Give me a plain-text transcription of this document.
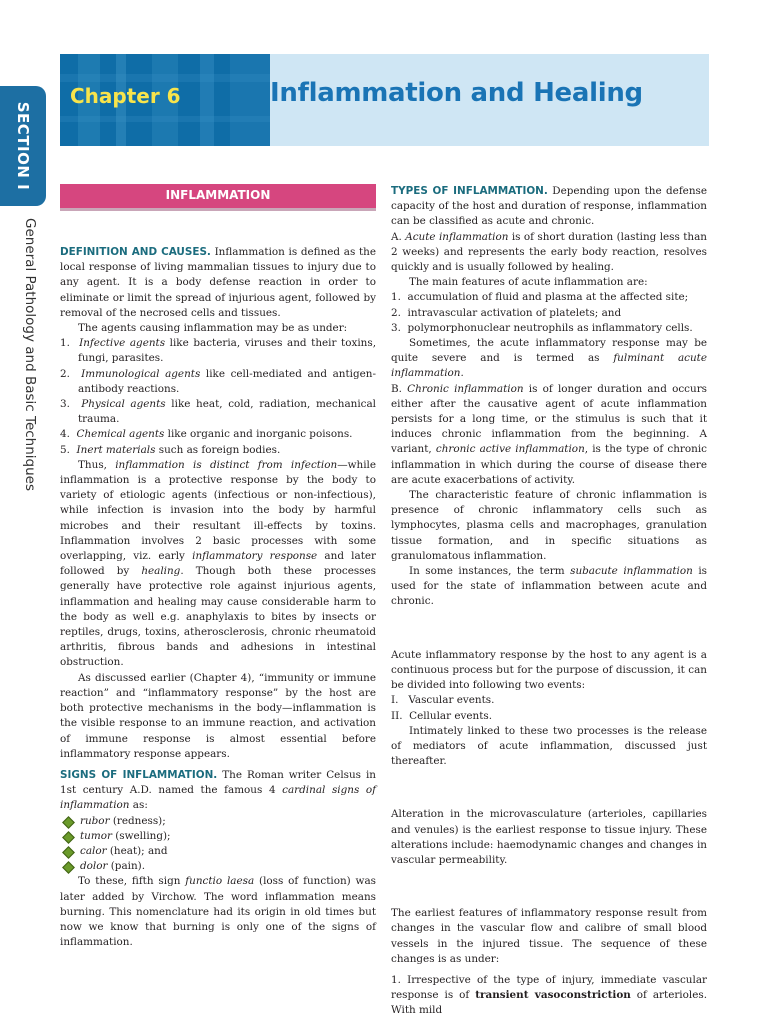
SECTION I
General Pathology and Basic Techniques
Chapter 6	Inflammation and Healing
INFLAMMATION

DEFINITION AND CAUSES. Inflammation is defined as the local response of living mammalian tissues to injury due to any agent. It is a body defense reaction in order to eliminate or limit the spread of injurious agent, followed by removal of the necrosed cells and tissues.

The agents causing inflammation may be as under:

1. Infective agents like bacteria, viruses and their toxins, fungi, parasites.

2. Immunological agents like cell-mediated and antigen-antibody reactions.

3. Physical agents like heat, cold, radiation, mechanical trauma.

4. Chemical agents like organic and inorganic poisons.

5. Inert materials such as foreign bodies.

Thus, inflammation is distinct from infection—while inflammation is a protective response by the body to variety of etiologic agents (infectious or non-infectious), while infection is invasion into the body by harmful microbes and their resultant ill-effects by toxins. Inflammation involves 2 basic processes with some overlapping, viz. early inflammatory response and later followed by healing. Though both these processes generally have protective role against injurious agents, inflammation and healing may cause considerable harm to the body as well e.g. anaphylaxis to bites by insects or reptiles, drugs, toxins, atherosclerosis, chronic rheumatoid arthritis, fibrous bands and adhesions in intestinal obstruction.

As discussed earlier (Chapter 4), “immunity or immune reaction” and “inflammatory response” by the host are both protective mechanisms in the body—inflammation is the visible response to an immune reaction, and activation of immune response is almost essential before inflammatory response appears.

SIGNS OF INFLAMMATION. The Roman writer Celsus in 1st century A.D. named the famous 4 cardinal signs of inflammation as:

rubor (redness);

tumor (swelling);

calor (heat); and

dolor (pain).

To these, fifth sign functio laesa (loss of function) was later added by Virchow. The word inflammation means burning. This nomenclature had its origin in old times but now we know that burning is only one of the signs of inflammation.

TYPES OF INFLAMMATION. Depending upon the defense capacity of the host and duration of response, inflammation can be classified as acute and chronic.

A. Acute inflammation is of short duration (lasting less than 2 weeks) and represents the early body reaction, resolves quickly and is usually followed by healing.

The main features of acute inflammation are:

1. accumulation of fluid and plasma at the affected site;

2. intravascular activation of platelets; and

3. polymorphonuclear neutrophils as inflammatory cells.

Sometimes, the acute inflammatory response may be quite severe and is termed as fulminant acute inflammation.

B. Chronic inflammation is of longer duration and occurs either after the causative agent of acute inflammation persists for a long time, or the stimulus is such that it induces chronic inflammation from the beginning. A variant, chronic active inflammation, is the type of chronic inflammation in which during the course of disease there are acute exacerbations of activity.

The characteristic feature of chronic inflammation is presence of chronic inflammatory cells such as lymphocytes, plasma cells and macrophages, granulation tissue formation, and in specific situations as granulomatous inflammation.

In some instances, the term subacute inflammation is used for the state of inflammation between acute and chronic.

Acute inflammatory response by the host to any agent is a continuous process but for the purpose of discussion, it can be divided into following two events:

I. Vascular events.

II. Cellular events.

Intimately linked to these two processes is the release of mediators of acute inflammation, discussed just thereafter.

Alteration in the microvasculature (arterioles, capillaries and venules) is the earliest response to tissue injury. These alterations include: haemodynamic changes and changes in vascular permeability.

The earliest features of inflammatory response result from changes in the vascular flow and calibre of small blood vessels in the injured tissue. The sequence of these changes is as under:

1. Irrespective of the type of injury, immediate vascular response is of transient vasoconstriction of arterioles. With mild
